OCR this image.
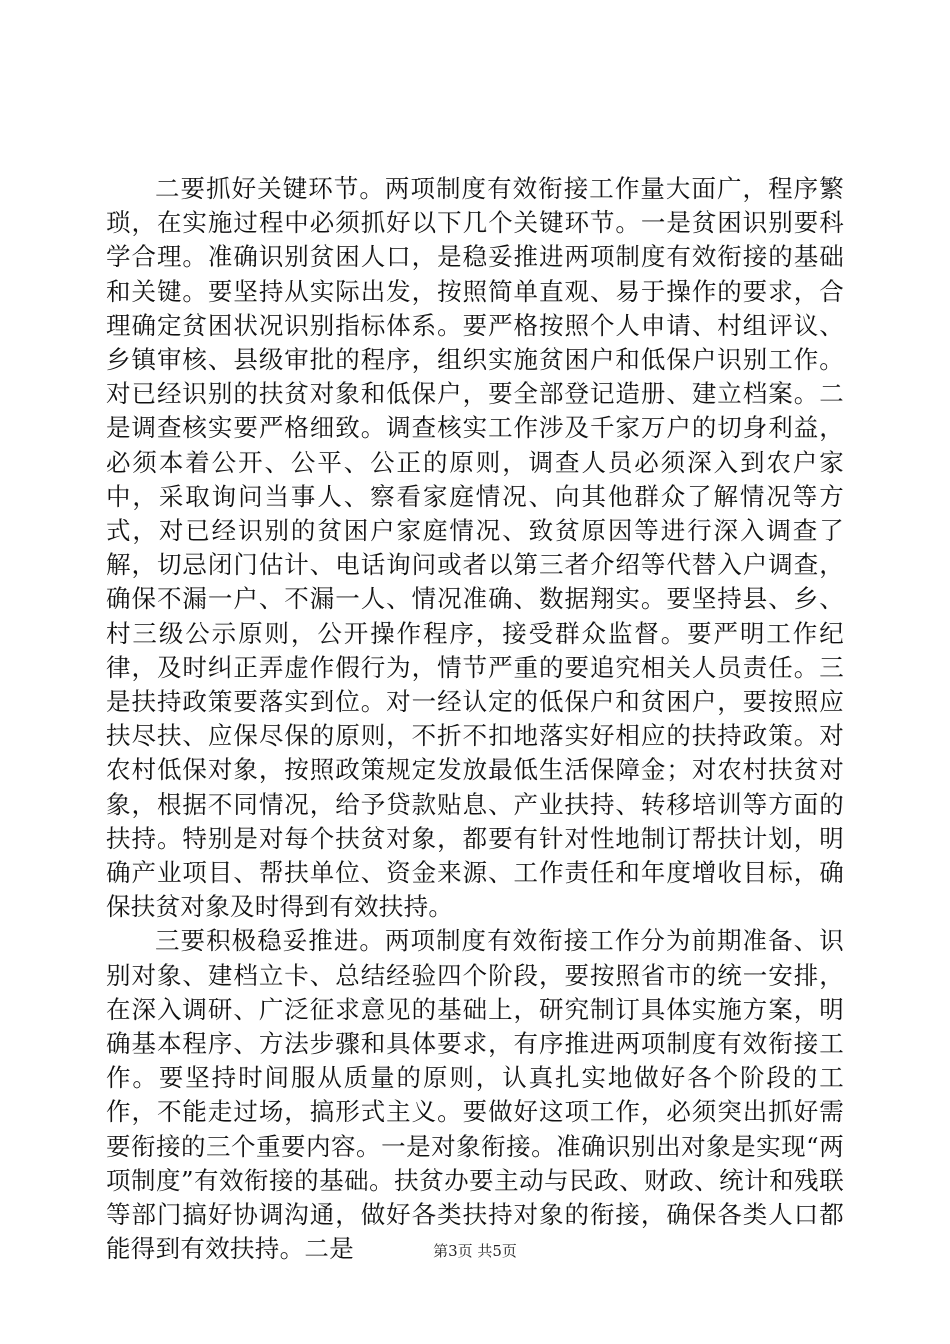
二要抓好关键环节。两项制度有效衔接工作量大面广，程序繁琐，在实施过程中必须抓好以下几个关键环节。一是贫困识别要科学合理。准确识别贫困人口，是稳妥推进两项制度有效衔接的基础和关键。要坚持从实际出发，按照简单直观、易于操作的要求，合理确定贫困状况识别指标体系。要严格按照个人申请、村组评议、乡镇审核、县级审批的程序，组织实施贫困户和低保户识别工作。对已经识别的扶贫对象和低保户，要全部登记造册、建立档案。二是调查核实要严格细致。调查核实工作涉及千家万户的切身利益，必须本着公开、公平、公正的原则，调查人员必须深入到农户家中，采取询问当事人、察看家庭情况、向其他群众了解情况等方式，对已经识别的贫困户家庭情况、致贫原因等进行深入调查了解，切忌闭门估计、电话询问或者以第三者介绍等代替入户调查，确保不漏一户、不漏一人、情况准确、数据翔实。要坚持县、乡、村三级公示原则，公开操作程序，接受群众监督。要严明工作纪律，及时纠正弄虚作假行为，情节严重的要追究相关人员责任。三是扶持政策要落实到位。对一经认定的低保户和贫困户，要按照应扶尽扶、应保尽保的原则，不折不扣地落实好相应的扶持政策。对农村低保对象，按照政策规定发放最低生活保障金；对农村扶贫对象，根据不同情况，给予贷款贴息、产业扶持、转移培训等方面的扶持。特别是对每个扶贫对象，都要有针对性地制订帮扶计划，明确产业项目、帮扶单位、资金来源、工作责任和年度增收目标，确保扶贫对象及时得到有效扶持。

三要积极稳妥推进。两项制度有效衔接工作分为前期准备、识别对象、建档立卡、总结经验四个阶段，要按照省市的统一安排，在深入调研、广泛征求意见的基础上，研究制订具体实施方案，明确基本程序、方法步骤和具体要求，有序推进两项制度有效衔接工作。要坚持时间服从质量的原则，认真扎实地做好各个阶段的工作，不能走过场，搞形式主义。要做好这项工作，必须突出抓好需要衔接的三个重要内容。一是对象衔接。准确识别出对象是实现“两项制度”有效衔接的基础。扶贫办要主动与民政、财政、统计和残联等部门搞好协调沟通，做好各类扶持对象的衔接，确保各类人口都能得到有效扶持。二是	第3页 共5页
